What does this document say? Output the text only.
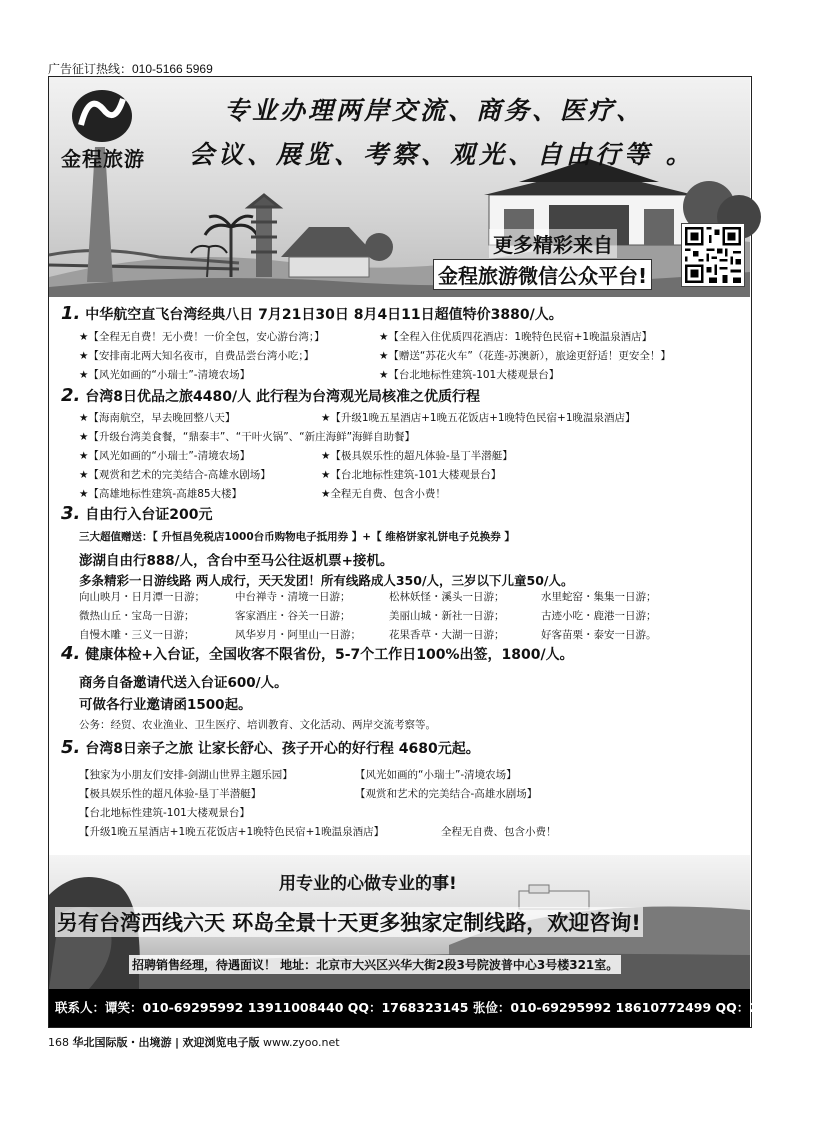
广告征订热线：010-5166 5969
金程旅游
专业办理两岸交流、商务、医疗、
会议、展览、考察、观光、自由行等 。
更多精彩来自
金程旅游微信公众平台!
1. 中华航空直飞台湾经典八日 7月21日30日 8月4日11日超值特价3880/人。
★【全程无自费！无小费！一价全包，安心游台湾；】	★【全程入住优质四花酒店：1晚特色民宿+1晚温泉酒店】
★【安排南北两大知名夜市，自费品尝台湾小吃；】	★【赠送“苏花火车”（花莲-苏澳新），旅途更舒适！更安全！】
★【风光如画的“小瑞士”-清境农场】	★【台北地标性建筑-101大楼观景台】
2. 台湾8日优品之旅4480/人 此行程为台湾观光局核准之优质行程
★【海南航空，早去晚回整八天】	★【升级1晚五星酒店+1晚五花饭店+1晚特色民宿+1晚温泉酒店】
★【升级台湾美食餐，“鼎泰丰”、“干叶火锅”、“新庄海鲜”海鲜自助餐】
★【风光如画的“小瑞士”-清境农场】	★【极具娱乐性的超凡体验-垦丁半潜艇】
★【观赏和艺术的完美结合-高雄水剧场】	★【台北地标性建筑-101大楼观景台】
★【高雄地标性建筑-高雄85大楼】	★全程无自费、包含小费！
3. 自由行入台证200元
三大超值赠送：【 升恒昌免税店1000台币购物电子抵用券 】+【 维格饼家礼饼电子兑换券 】
澎湖自由行888/人，含台中至马公往返机票+接机。
多条精彩一日游线路 两人成行，天天发团！所有线路成人350/人，三岁以下儿童50/人。
向山映月・日月潭一日游；	中台禅寺・清境一日游；	松林妖怪・溪头一日游；	水里蛇窑・集集一日游；
微热山丘・宝岛一日游；	客家酒庄・谷关一日游；	美丽山城・新社一日游；	古迹小吃・鹿港一日游；
自慢木雕・三义一日游；	风华岁月・阿里山一日游；	花果香草・大湖一日游；	好客苗栗・泰安一日游。
4. 健康体检+入台证，全国收客不限省份，5-7个工作日100%出签，1800/人。
商务自备邀请代送入台证600/人。
可做各行业邀请函1500起。
公务：经贸、农业渔业、卫生医疗、培训教育、文化活动、两岸交流考察等。
5. 台湾8日亲子之旅 让家长舒心、孩子开心的好行程 4680元起。
【独家为小朋友们安排-剑湖山世界主题乐园】	【风光如画的“小瑞士”-清境农场】
【极具娱乐性的超凡体验-垦丁半潜艇】	【观赏和艺术的完美结合-高雄水剧场】
【台北地标性建筑-101大楼观景台】
【升级1晚五星酒店+1晚五花饭店+1晚特色民宿+1晚温泉酒店】	全程无自费、包含小费！
用专业的心做专业的事!
另有台湾西线六天 环岛全景十天更多独家定制线路，欢迎咨询!
招聘销售经理，待遇面议！ 地址：北京市大兴区兴华大街2段3号院波普中心3号楼321室。
联系人：谭笑：010-69295992 13911008440 QQ：1768323145 张俭：010-69295992 18610772499 QQ：2485528798
168 华北国际版・出境游 | 欢迎浏览电子版 www.zyoo.net
